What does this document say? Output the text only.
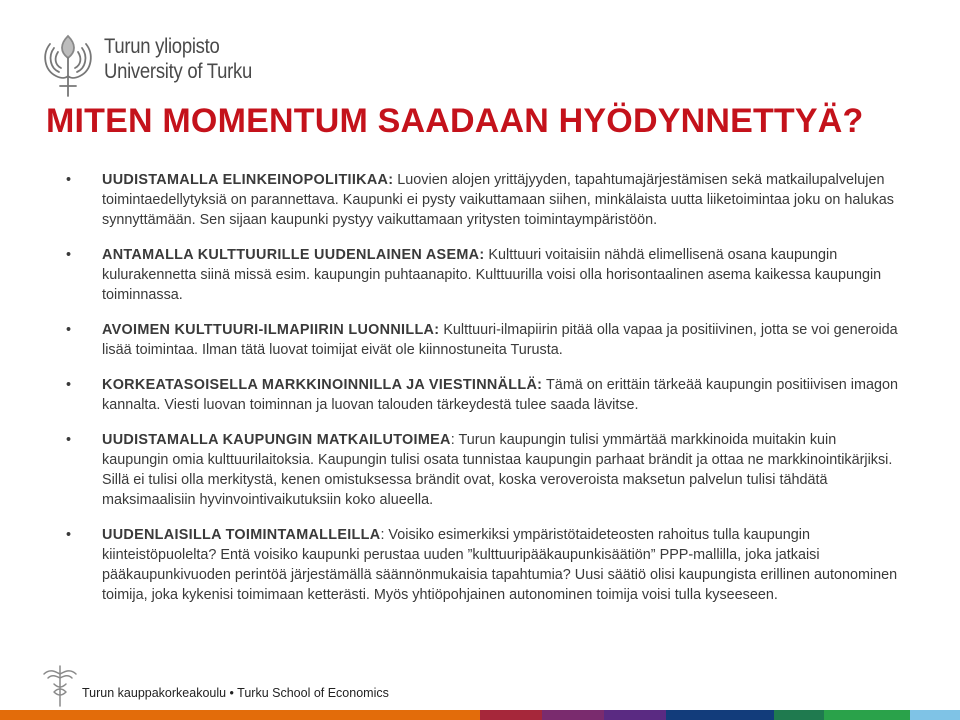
Turun yliopisto
University of Turku
MITEN MOMENTUM SAADAAN HYÖDYNNETTYÄ?
• UUDISTAMALLA ELINKEINOPOLITIIKAA: Luovien alojen yrittäjyyden, tapahtumajärjestämisen sekä matkailupalvelujen toimintaedellytyksiä on parannettava. Kaupunki ei pysty vaikuttamaan siihen, minkälaista uutta liiketoimintaa joku on halukas synnyttämään. Sen sijaan kaupunki pystyy vaikuttamaan yritysten toimintaympäristöön.
• ANTAMALLA KULTTUURILLE UUDENLAINEN ASEMA: Kulttuuri voitaisiin nähdä elimellisenä osana kaupungin kulurakennetta siinä missä esim. kaupungin puhtaanapito. Kulttuurilla voisi olla horisontaalinen asema kaikessa kaupungin toiminnassa.
• AVOIMEN KULTTUURI-ILMAPIIRIN LUONNILLA: Kulttuuri-ilmapiirin pitää olla vapaa ja positiivinen, jotta se voi generoida lisää toimintaa. Ilman tätä luovat toimijat eivät ole kiinnostuneita Turusta.
• KORKEATASOISELLA MARKKINOINNILLA JA VIESTINNÄLLÄ: Tämä on erittäin tärkeää kaupungin positiivisen imagon kannalta. Viesti luovan toiminnan ja luovan talouden tärkeydestä tulee saada lävitse.
• UUDISTAMALLA KAUPUNGIN MATKAILUTOIMEA: Turun kaupungin tulisi ymmärtää markkinoida muitakin kuin kaupungin omia kulttuurilaitoksia. Kaupungin tulisi osata tunnistaa kaupungin parhaat brändit ja ottaa ne markkinointikärjiksi. Sillä ei tulisi olla merkitystä, kenen omistuksessa brändit ovat, koska veroveroista maksetun palvelun tulisi tähdätä maksimaalisiin hyvinvointivaikutuksiin koko alueella.
• UUDENLAISILLA TOIMINTAMALLEILLA: Voisiko esimerkiksi ympäristötaideteosten rahoitus tulla kaupungin kiinteistöpuolelta? Entä voisiko kaupunki perustaa uuden ”kulttuuripääkaupunkisäätiön” PPP-mallilla, joka jatkaisi pääkaupunkivuoden perintöä järjestämällä säännönmukaisia tapahtumia? Uusi säätiö olisi kaupungista erillinen autonominen toimija, joka kykenisi toimimaan ketterästi. Myös yhtiöpohjainen autonominen toimija voisi tulla kyseeseen.
Turun kauppakorkeakoulu • Turku School of Economics
